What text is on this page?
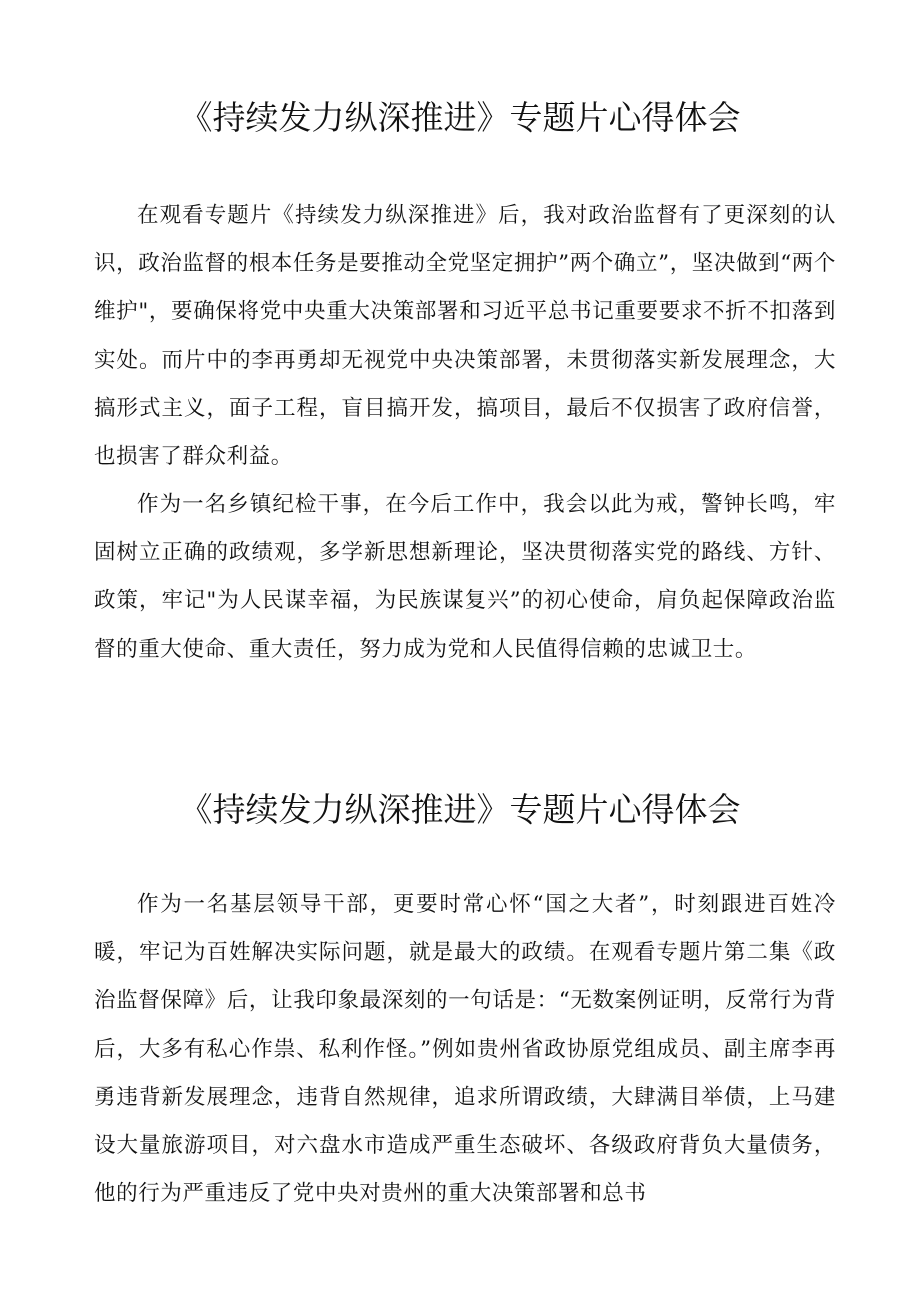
《持续发力纵深推进》专题片心得体会

在观看专题片《持续发力纵深推进》后，我对政治监督有了更深刻的认识，政治监督的根本任务是要推动全党坚定拥护”两个确立”，坚决做到“两个维护"，要确保将党中央重大决策部署和习近平总书记重要要求不折不扣落到实处。而片中的李再勇却无视党中央决策部署，未贯彻落实新发展理念，大搞形式主义，面子工程，盲目搞开发，搞项目，最后不仅损害了政府信誉，也损害了群众利益。

作为一名乡镇纪检干事，在今后工作中，我会以此为戒，警钟长鸣，牢固树立正确的政绩观，多学新思想新理论，坚决贯彻落实党的路线、方针、政策，牢记"为人民谋幸福，为民族谋复兴”的初心使命，肩负起保障政治监督的重大使命、重大责任，努力成为党和人民值得信赖的忠诚卫士。

《持续发力纵深推进》专题片心得体会

作为一名基层领导干部，更要时常心怀“国之大者”，时刻跟进百姓冷暖，牢记为百姓解决实际问题，就是最大的政绩。在观看专题片第二集《政治监督保障》后，让我印象最深刻的一句话是：“无数案例证明，反常行为背后，大多有私心作祟、私利作怪。”例如贵州省政协原党组成员、副主席李再勇违背新发展理念，违背自然规律，追求所谓政绩，大肆满目举债，上马建设大量旅游项目，对六盘水市造成严重生态破坏、各级政府背负大量债务，他的行为严重违反了党中央对贵州的重大决策部署和总书
